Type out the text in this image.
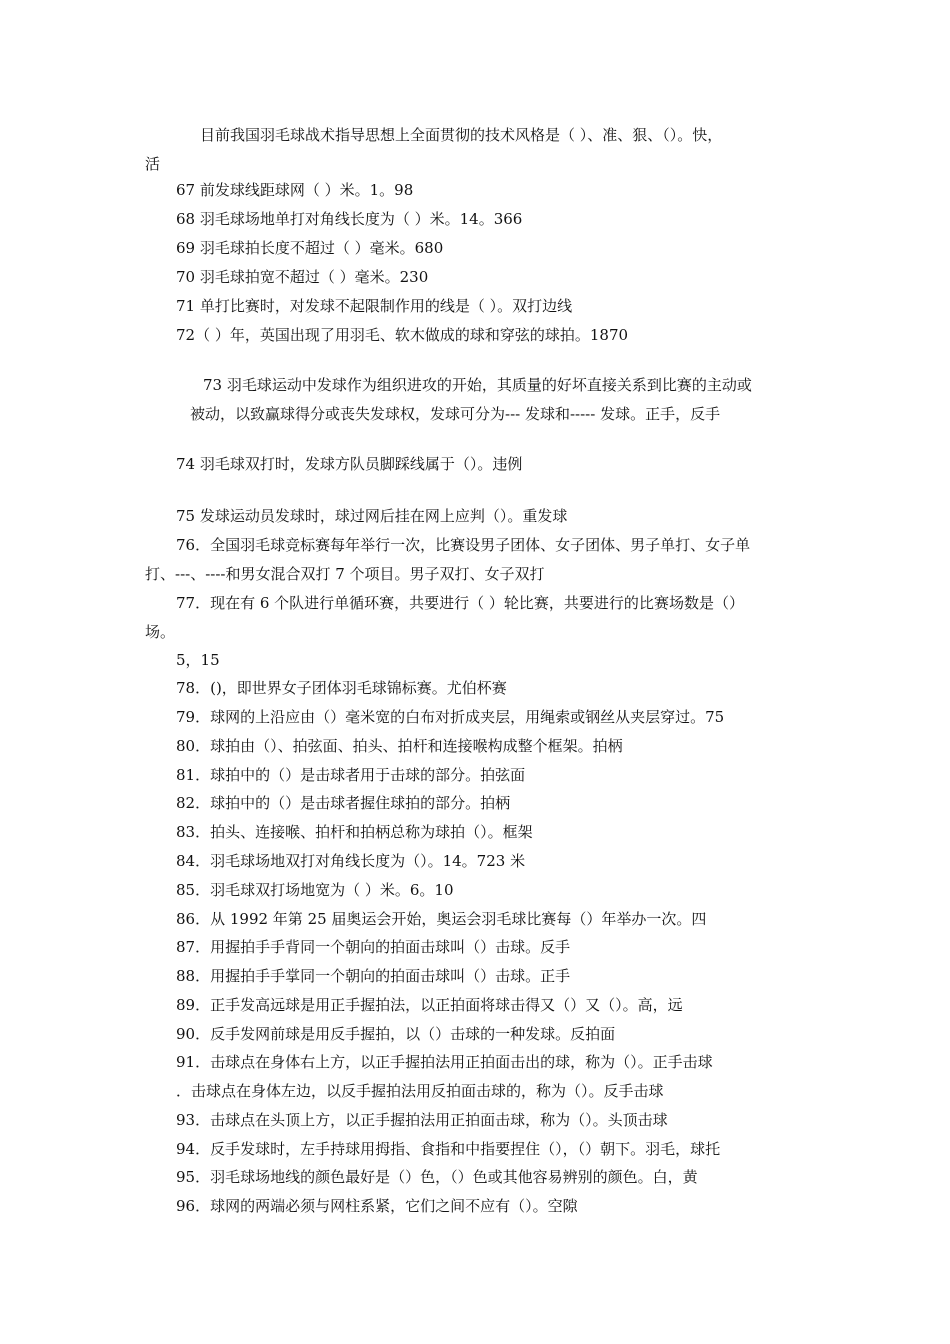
目前我国羽毛球战术指导思想上全面贯彻的技术风格是（ ）、准、狠、（）。快，
活
67 前发球线距球网（ ）米。1。98
68 羽毛球场地单打对角线长度为（ ）米。14。366
69 羽毛球拍长度不超过（ ）毫米。680
70 羽毛球拍宽不超过（ ）毫米。230
71 单打比赛时，对发球不起限制作用的线是（ ）。双打边线
72（ ）年，英国出现了用羽毛、软木做成的球和穿弦的球拍。1870
73 羽毛球运动中发球作为组织进攻的开始，其质量的好坏直接关系到比赛的主动或
被动，以致赢球得分或丧失发球权，发球可分为--- 发球和----- 发球。正手，反手
74 羽毛球双打时，发球方队员脚踩线属于（）。违例
75 发球运动员发球时，球过网后挂在网上应判（）。重发球
76．全国羽毛球竞标赛每年举行一次，比赛设男子团体、女子团体、男子单打、女子单
打、---、----和男女混合双打 7 个项目。男子双打、女子双打
77．现在有 6 个队进行单循环赛，共要进行（ ）轮比赛，共要进行的比赛场数是（）
场。
5，15
78．()，即世界女子团体羽毛球锦标赛。尤伯杯赛
79．球网的上沿应由（）毫米宽的白布对折成夹层，用绳索或钢丝从夹层穿过。75
80．球拍由（）、拍弦面、拍头、拍杆和连接喉构成整个框架。拍柄
81．球拍中的（）是击球者用于击球的部分。拍弦面
82．球拍中的（）是击球者握住球拍的部分。拍柄
83．拍头、连接喉、拍杆和拍柄总称为球拍（）。框架
84．羽毛球场地双打对角线长度为（）。14。723 米
85．羽毛球双打场地宽为（ ）米。6。10
86．从 1992 年第 25 届奥运会开始，奥运会羽毛球比赛每（）年举办一次。四
87．用握拍手手背同一个朝向的拍面击球叫（）击球。反手
88．用握拍手手掌同一个朝向的拍面击球叫（）击球。正手
89．正手发高远球是用正手握拍法，以正拍面将球击得又（）又（）。高，远
90．反手发网前球是用反手握拍，以（）击球的一种发球。反拍面
91．击球点在身体右上方，以正手握拍法用正拍面击出的球，称为（）。正手击球
．击球点在身体左边，以反手握拍法用反拍面击球的，称为（）。反手击球
93．击球点在头顶上方，以正手握拍法用正拍面击球，称为（）。头顶击球
94．反手发球时，左手持球用拇指、食指和中指要捏住（），（）朝下。羽毛，球托
95．羽毛球场地线的颜色最好是（）色，（）色或其他容易辨别的颜色。白，黄
96．球网的两端必须与网柱系紧，它们之间不应有（）。空隙
